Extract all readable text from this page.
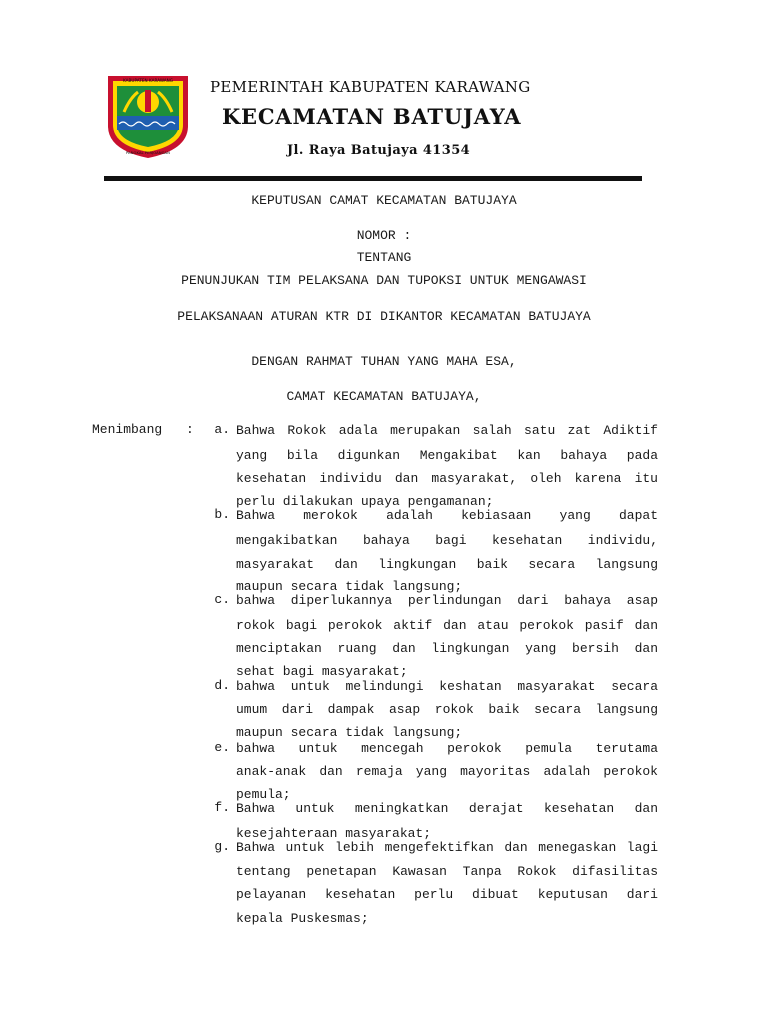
KABUPATEN KARAWANG
PANGKAL PERJOANGAN
PEMERINTAH KABUPATEN KARAWANG
KECAMATAN BATUJAYA
Jl. Raya Batujaya 41354
KEPUTUSAN CAMAT KECAMATAN BATUJAYA
NOMOR :
TENTANG
PENUNJUKAN TIM PELAKSANA DAN TUPOKSI UNTUK MENGAWASI
PELAKSANAAN ATURAN KTR DI DIKANTOR KECAMATAN BATUJAYA
DENGAN RAHMAT TUHAN YANG MAHA ESA,
CAMAT KECAMATAN BATUJAYA,
Menimbang :	a. Bahwa Rokok adala merupakan salah satu zat Adiktif
yang bila digunkan Mengakibat kan bahaya pada
kesehatan individu dan masyarakat, oleh karena itu
perlu dilakukan upaya pengamanan;
b. Bahwa merokok adalah kebiasaan yang dapat
mengakibatkan bahaya bagi kesehatan individu,
masyarakat dan lingkungan baik secara langsung
maupun secara tidak langsung;
c. bahwa diperlukannya perlindungan dari bahaya asap
rokok bagi perokok aktif dan atau perokok pasif dan
menciptakan ruang dan lingkungan yang bersih dan
sehat bagi masyarakat;
d. bahwa untuk melindungi keshatan masyarakat secara
umum dari dampak asap rokok baik secara langsung
maupun secara tidak langsung;
e. bahwa untuk mencegah perokok pemula terutama
anak-anak dan remaja yang mayoritas adalah perokok
pemula;
f. Bahwa untuk meningkatkan derajat kesehatan dan
kesejahteraan masyarakat;
g. Bahwa untuk lebih mengefektifkan dan menegaskan lagi
tentang penetapan Kawasan Tanpa Rokok difasilitas
pelayanan kesehatan perlu dibuat keputusan dari
kepala Puskesmas;
